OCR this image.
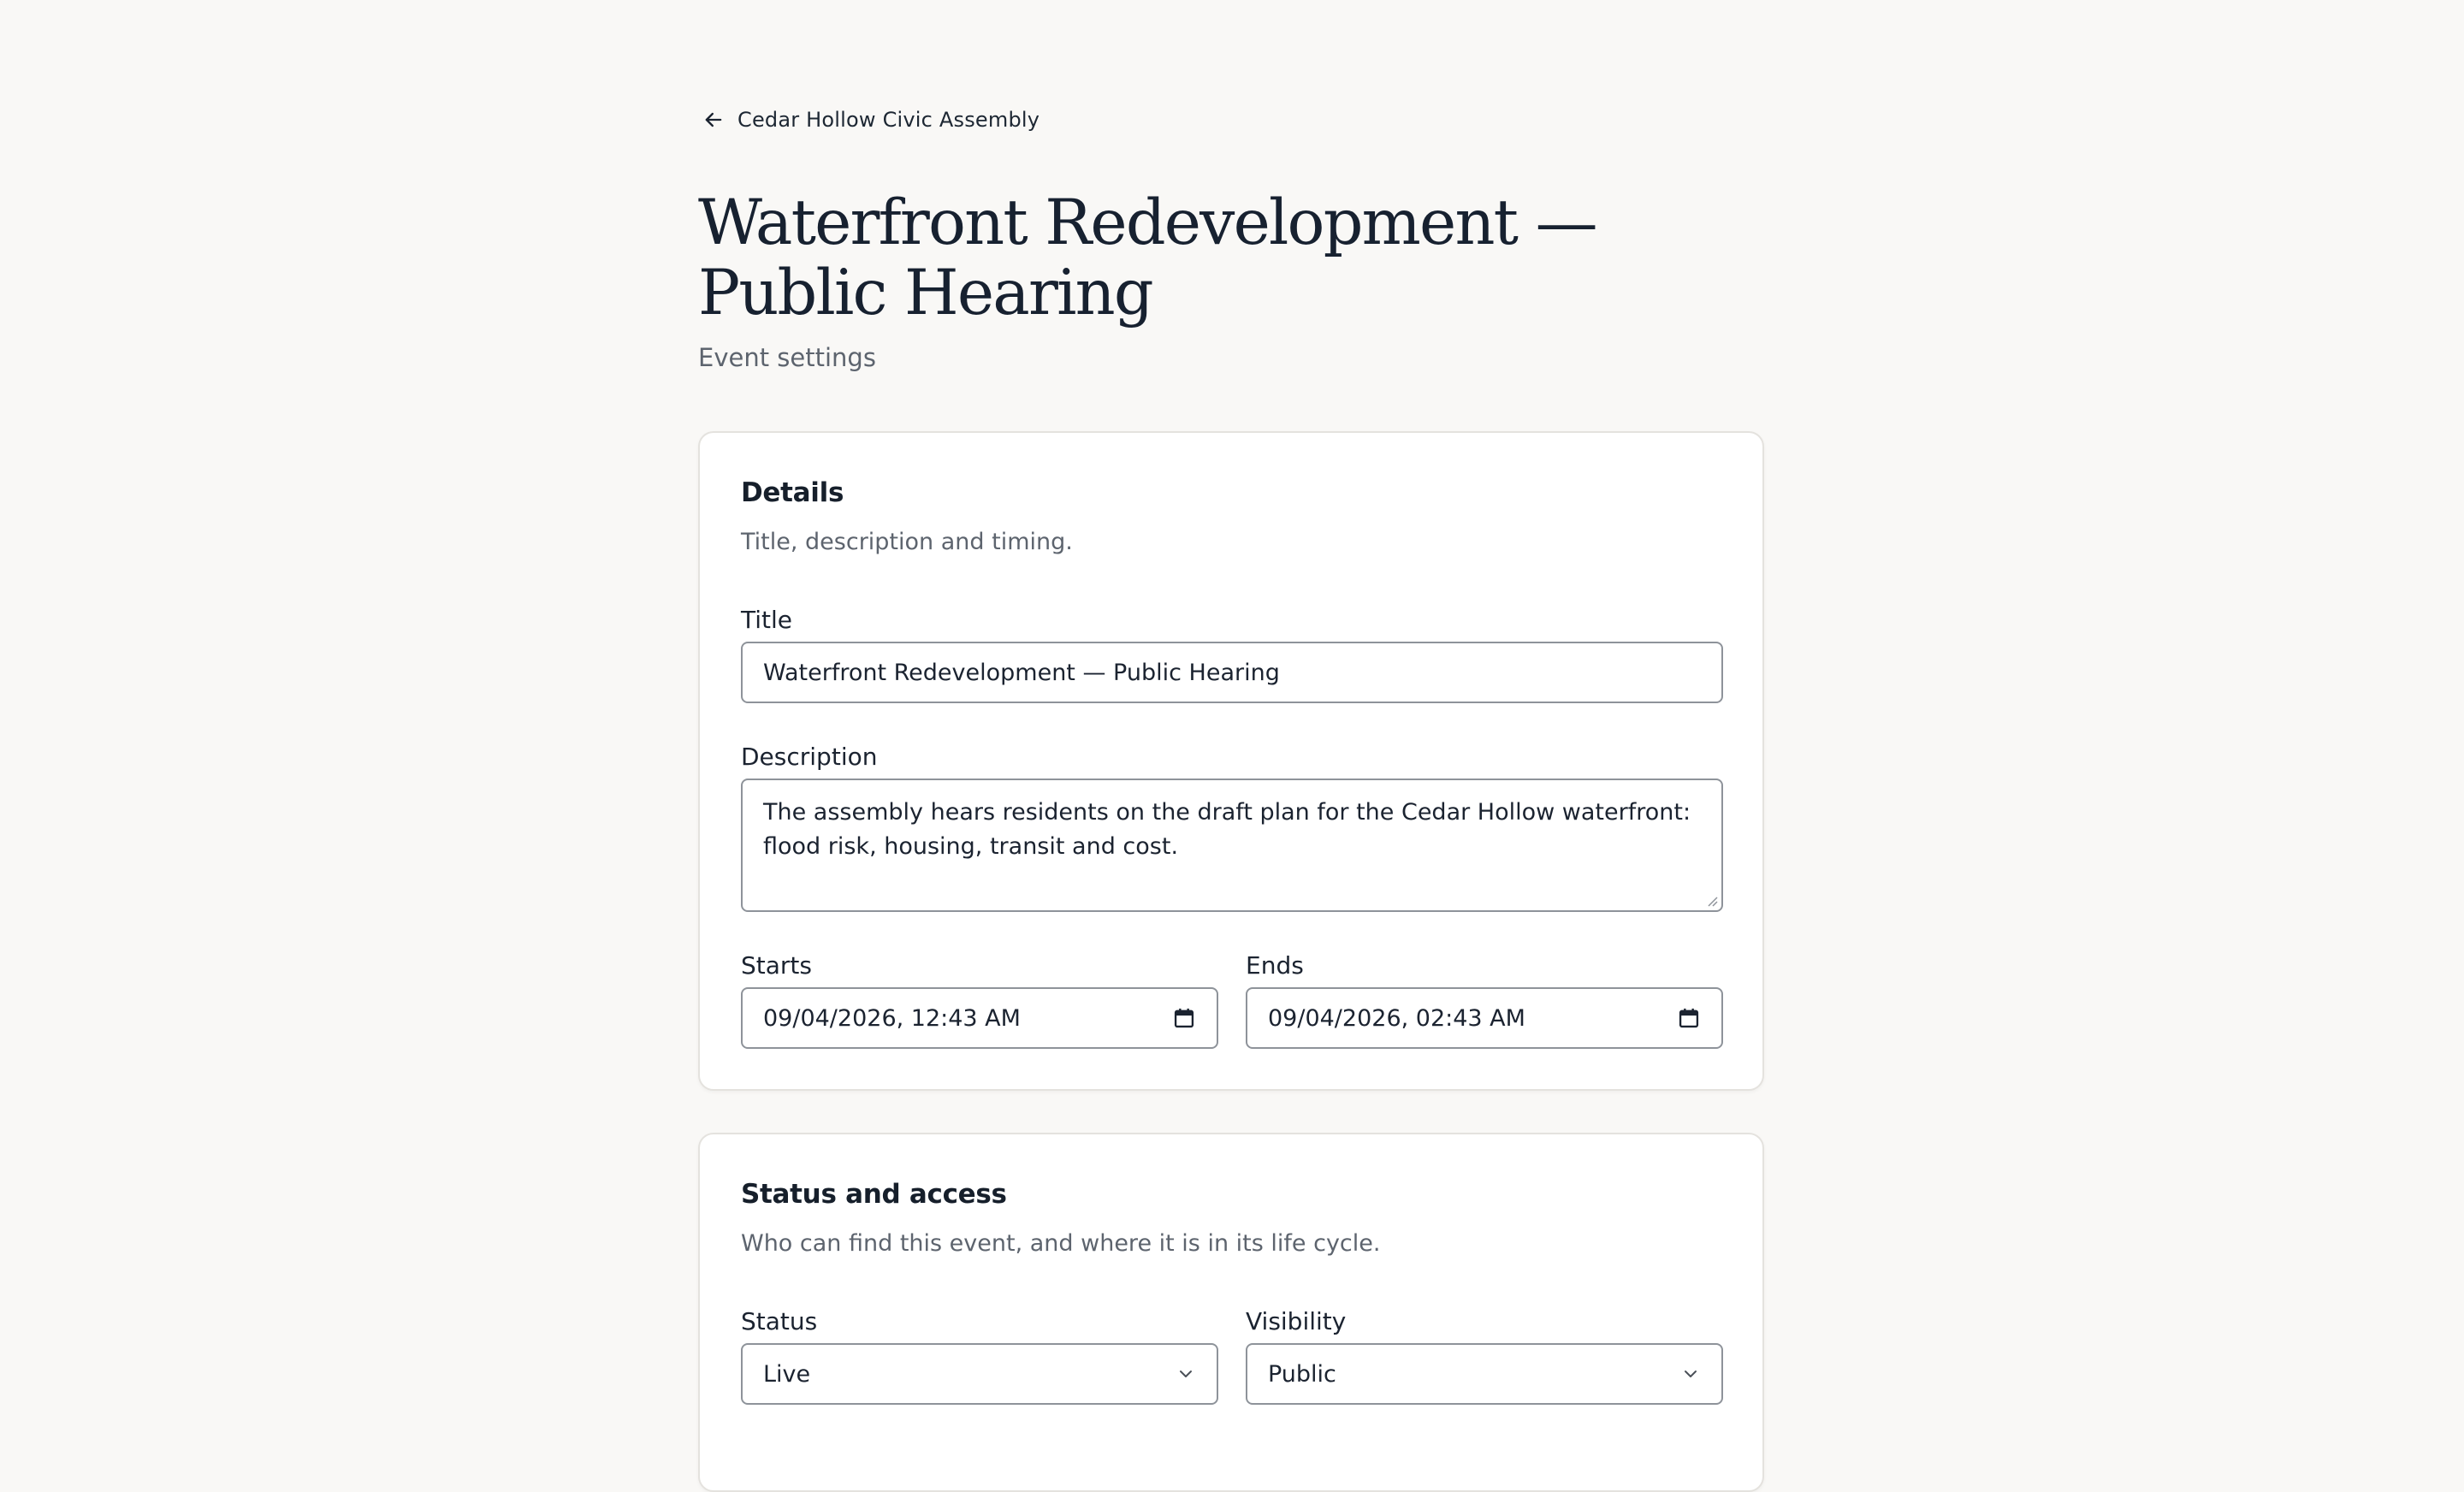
Cedar Hollow Civic Assembly
Waterfront Redevelopment — Public Hearing
Event settings
Details
Title, description and timing.
Title
Waterfront Redevelopment — Public Hearing
Description
The assembly hears residents on the draft plan for the Cedar Hollow waterfront: flood risk, housing, transit and cost.
Starts
09/04/2026, 12:43 AM
Ends
09/04/2026, 02:43 AM
Status and access
Who can find this event, and where it is in its life cycle.
Status
Live
Visibility
Public
